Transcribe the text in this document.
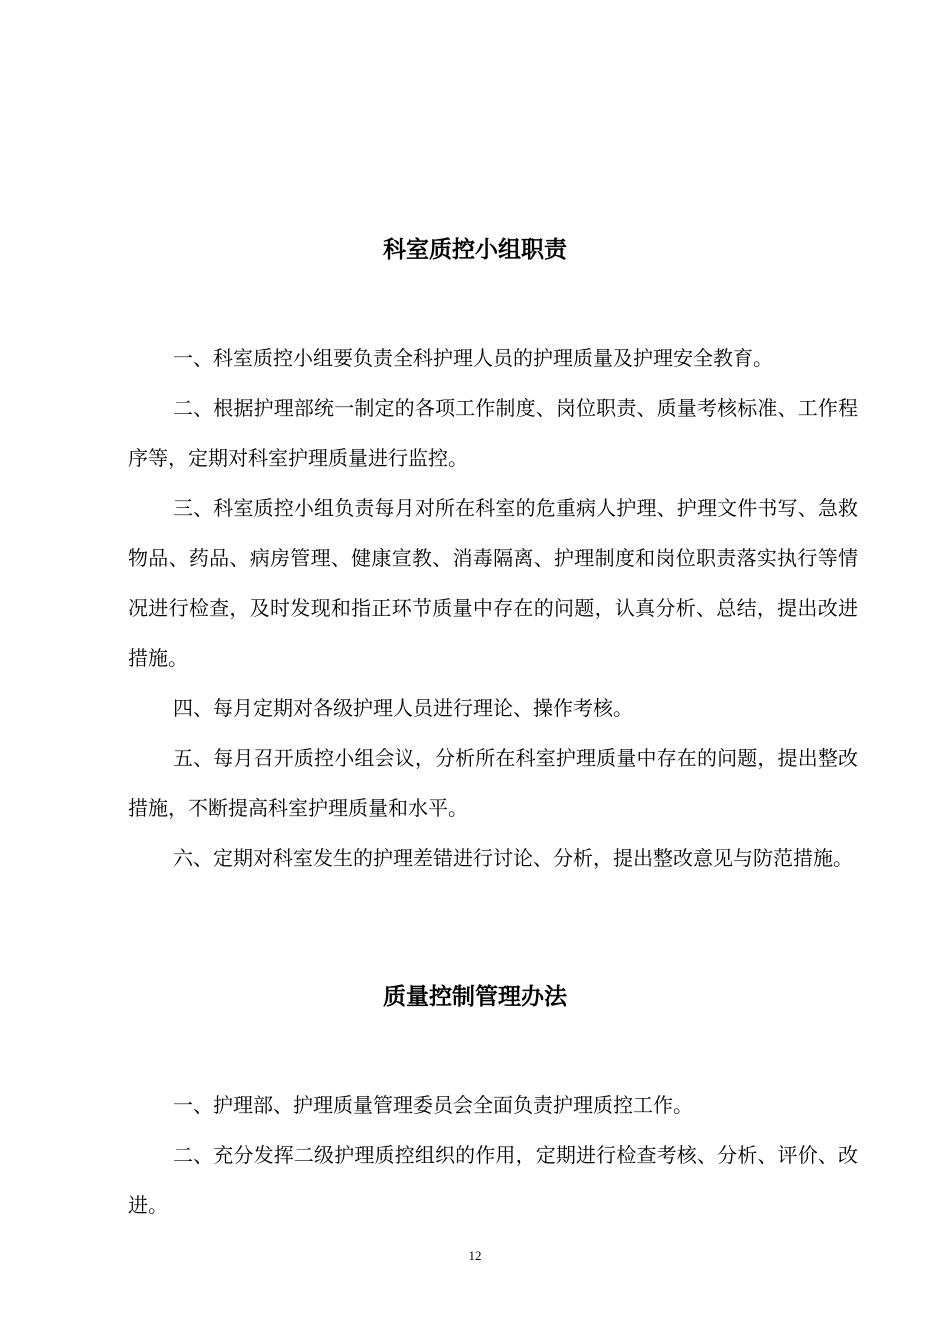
科室质控小组职责

一、科室质控小组要负责全科护理人员的护理质量及护理安全教育。

二、根据护理部统一制定的各项工作制度、岗位职责、质量考核标准、工作程序等，定期对科室护理质量进行监控。

三、科室质控小组负责每月对所在科室的危重病人护理、护理文件书写、急救物品、药品、病房管理、健康宣教、消毒隔离、护理制度和岗位职责落实执行等情况进行检查，及时发现和指正环节质量中存在的问题，认真分析、总结，提出改进措施。

四、每月定期对各级护理人员进行理论、操作考核。

五、每月召开质控小组会议，分析所在科室护理质量中存在的问题，提出整改措施，不断提高科室护理质量和水平。

六、定期对科室发生的护理差错进行讨论、分析，提出整改意见与防范措施。

质量控制管理办法

一、护理部、护理质量管理委员会全面负责护理质控工作。

二、充分发挥二级护理质控组织的作用，定期进行检查考核、分析、评价、改进。

12
